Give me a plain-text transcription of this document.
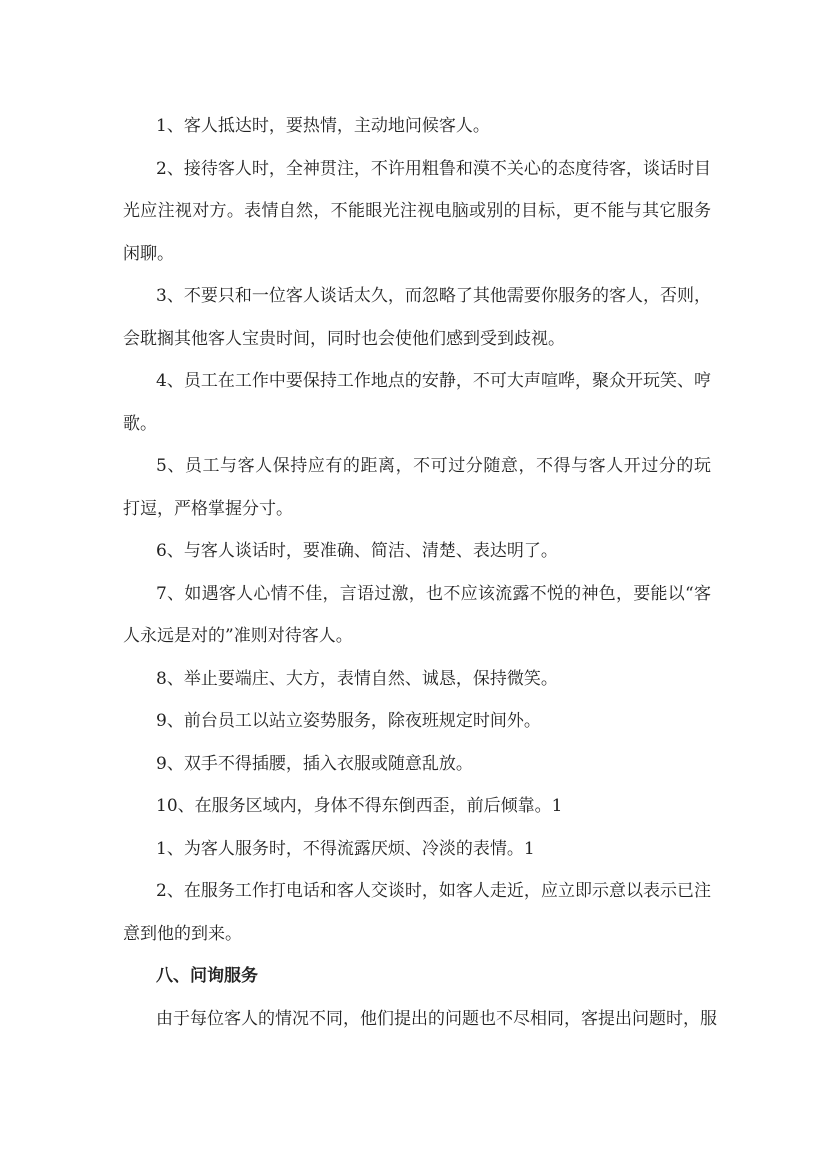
1、客人抵达时，要热情，主动地问候客人。
2、接待客人时，全神贯注，不许用粗鲁和漠不关心的态度待客，谈话时目
光应注视对方。表情自然，不能眼光注视电脑或别的目标，更不能与其它服务
闲聊。
3、不要只和一位客人谈话太久，而忽略了其他需要你服务的客人，否则，
会耽搁其他客人宝贵时间，同时也会使他们感到受到歧视。
4、员工在工作中要保持工作地点的安静，不可大声喧哗，聚众开玩笑、哼
歌。
5、员工与客人保持应有的距离，不可过分随意，不得与客人开过分的玩
打逗，严格掌握分寸。
6、与客人谈话时，要准确、简洁、清楚、表达明了。
7、如遇客人心情不佳，言语过激，也不应该流露不悦的神色，要能以“客
人永远是对的”准则对待客人。
8、举止要端庄、大方，表情自然、诚恳，保持微笑。
9、前台员工以站立姿势服务，除夜班规定时间外。
9、双手不得插腰，插入衣服或随意乱放。
10、在服务区域内，身体不得东倒西歪，前后倾靠。1
1、为客人服务时，不得流露厌烦、冷淡的表情。1
2、在服务工作打电话和客人交谈时，如客人走近，应立即示意以表示已注
意到他的到来。
八、问询服务
由于每位客人的情况不同，他们提出的问题也不尽相同，客提出问题时，服
